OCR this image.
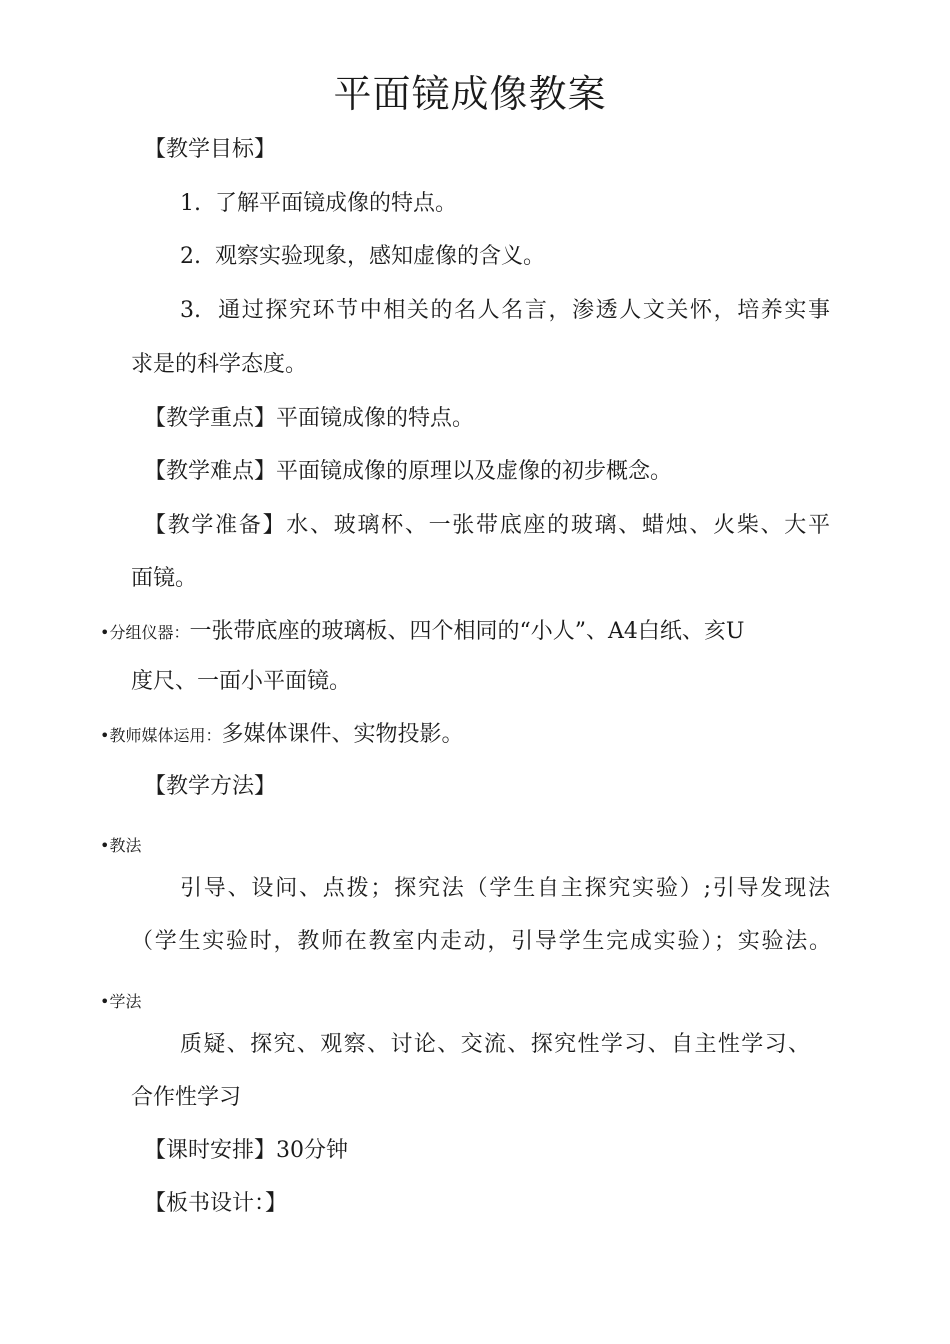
平面镜成像教案
【教学目标】
1. 了解平面镜成像的特点。
2. 观察实验现象，感知虚像的含义。
3. 通过探究环节中相关的名人名言，渗透人文关怀，培养实事
求是的科学态度。
【教学重点】平面镜成像的特点。
【教学难点】平面镜成像的原理以及虚像的初步概念。
【教学准备】水、玻璃杯、一张带底座的玻璃、蜡烛、火柴、大平
面镜。
•分组仪器：一张带底座的玻璃板、四个相同的“小人”、A4白纸、亥U
度尺、一面小平面镜。
•教师媒体运用：多媒体课件、实物投影。
【教学方法】
•教法
引导、设问、点拨；探究法（学生自主探究实验）;引导发现法
（学生实验时，教师在教室内走动，引导学生完成实验）；实验法。
•学法
质疑、探究、观察、讨论、交流、探究性学习、自主性学习、
合作性学习
【课时安排】30分钟
【板书设计：】
